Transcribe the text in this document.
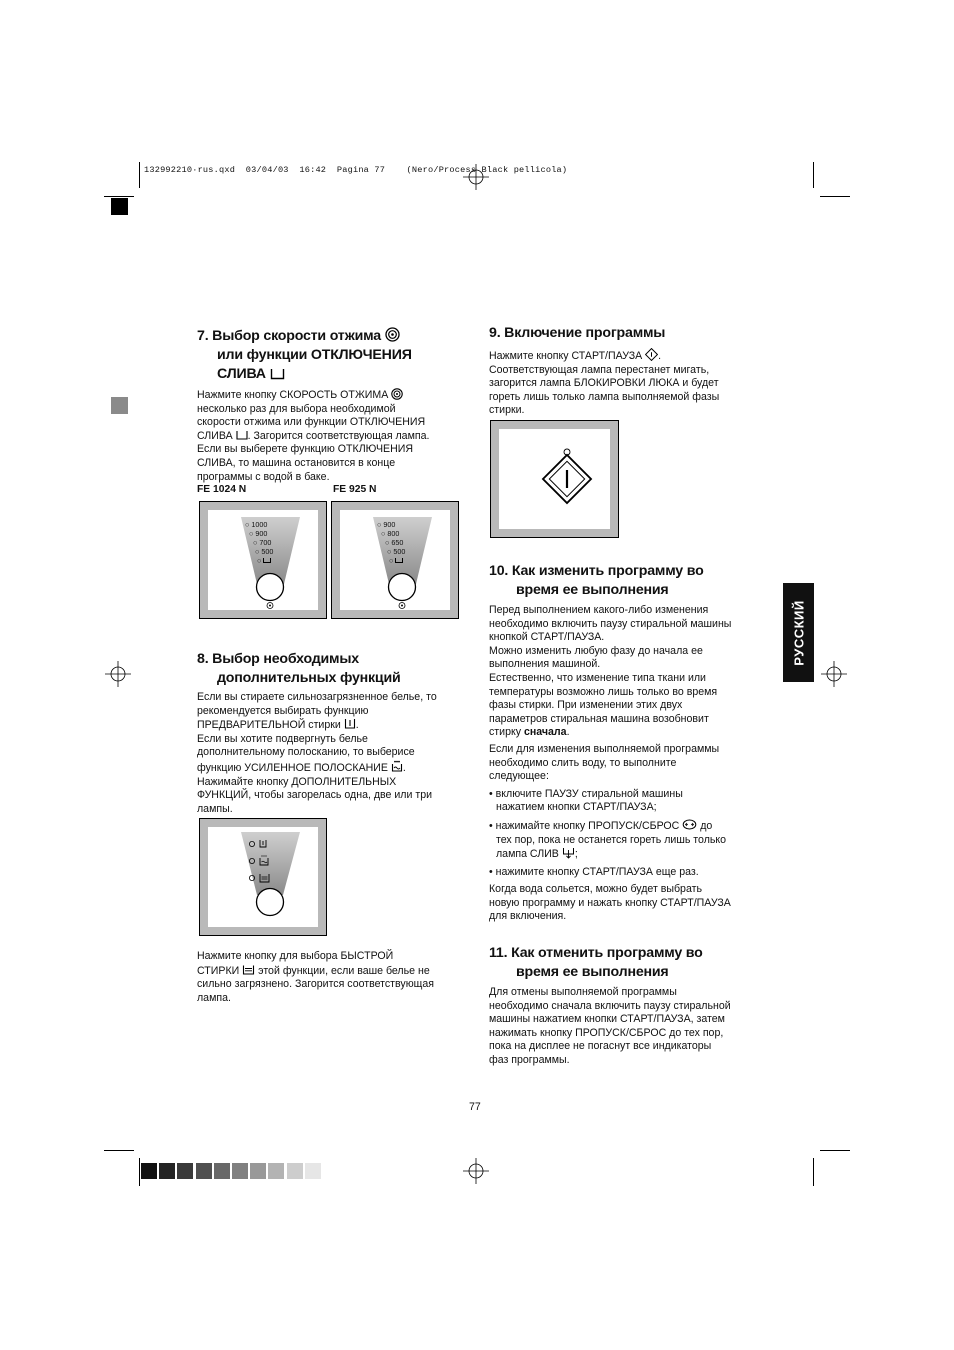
132992210·rus.qxd 03/04/03 16:42 Pagina 77 (Nero/Process Black pellicola)
РУССКИЙ
7. Выбор скорости отжима
или функции ОТКЛЮЧЕНИЯ
СЛИВА

Нажмите кнопку СКОРОСТЬ ОТЖИМА

несколько раз для выбора необходимой

скорости отжима или функции ОТКЛЮЧЕНИЯ

СЛИВА . Загорится соответствующая лампа.

Если вы выберете функцию ОТКЛЮЧЕНИЯ

СЛИВА, то машина остановится в конце

программы с водой в баке.

FE 1024 N	FE 925 N
○ 1000
○ 900
○ 700
○ 500
○
○ 900
○ 800
○ 650
○ 500
○
8. Выбор необходимых
дополнительных функций

Если вы стираете сильнозагрязненное белье, то

рекомендуется выбирать функцию

ПРЕДВАРИТЕЛЬНОЙ стирки .

Если вы хотите подвергнуть белье

дополнительному полосканию, то выберисе

функцию УСИЛЕННОЕ ПОЛОСКАНИЕ .

Нажимайте кнопку ДОПОЛНИТЕЛЬНЫХ

ФУНКЦИЙ, чтобы загорелась одна, две или три

лампы.

Нажмите кнопку для выбора БЫСТРОЙ

СТИРКИ этой функции, если ваше белье не

сильно загрязнено. Загорится соответствующая

лампа.

9. Включение программы

Нажмите кнопку СТАРТ/ПАУЗА .

Соответствующая лампа перестанет мигать,

загорится лампа БЛОКИРОВКИ ЛЮКА и будет

гореть лишь только лампа выполняемой фазы

стирки.

10. Как изменить программу во
время ее выполнения

Перед выполнением какого-либо изменения

необходимо включить паузу стиральной машины

кнопкой СТАРТ/ПАУЗА.

Можно изменить любую фазу до начала ее

выполнения машиной.

Естественно, что изменение типа ткани или

температуры возможно лишь только во время

фазы стирки. При изменении этих двух

параметров стиральная машина возобновит

стирку сначала.

Если для изменения выполняемой программы

необходимо слить воду, то выполните

следующее:

• включите ПАУЗУ стиральной машины

нажатием кнопки СТАРТ/ПАУЗА;

• нажимайте кнопку ПРОПУСК/СБРОС до

тех пор, пока не останется гореть лишь только

лампа СЛИВ ;

• нажимите кнопку СТАРТ/ПАУЗА еще раз.

Когда вода сольется, можно будет выбрать

новую программу и нажать кнопку СТАРТ/ПАУЗА

для включения.

11. Как отменить программу во
время ее выполнения

Для отмены выполняемой программы

необходимо сначала включить паузу стиральной

машины нажатием кнопки СТАРТ/ПАУЗА, затем

нажимать кнопку ПРОПУСК/СБРОС до тех пор,

пока на дисплее не погаснут все индикаторы

фаз программы.

77
